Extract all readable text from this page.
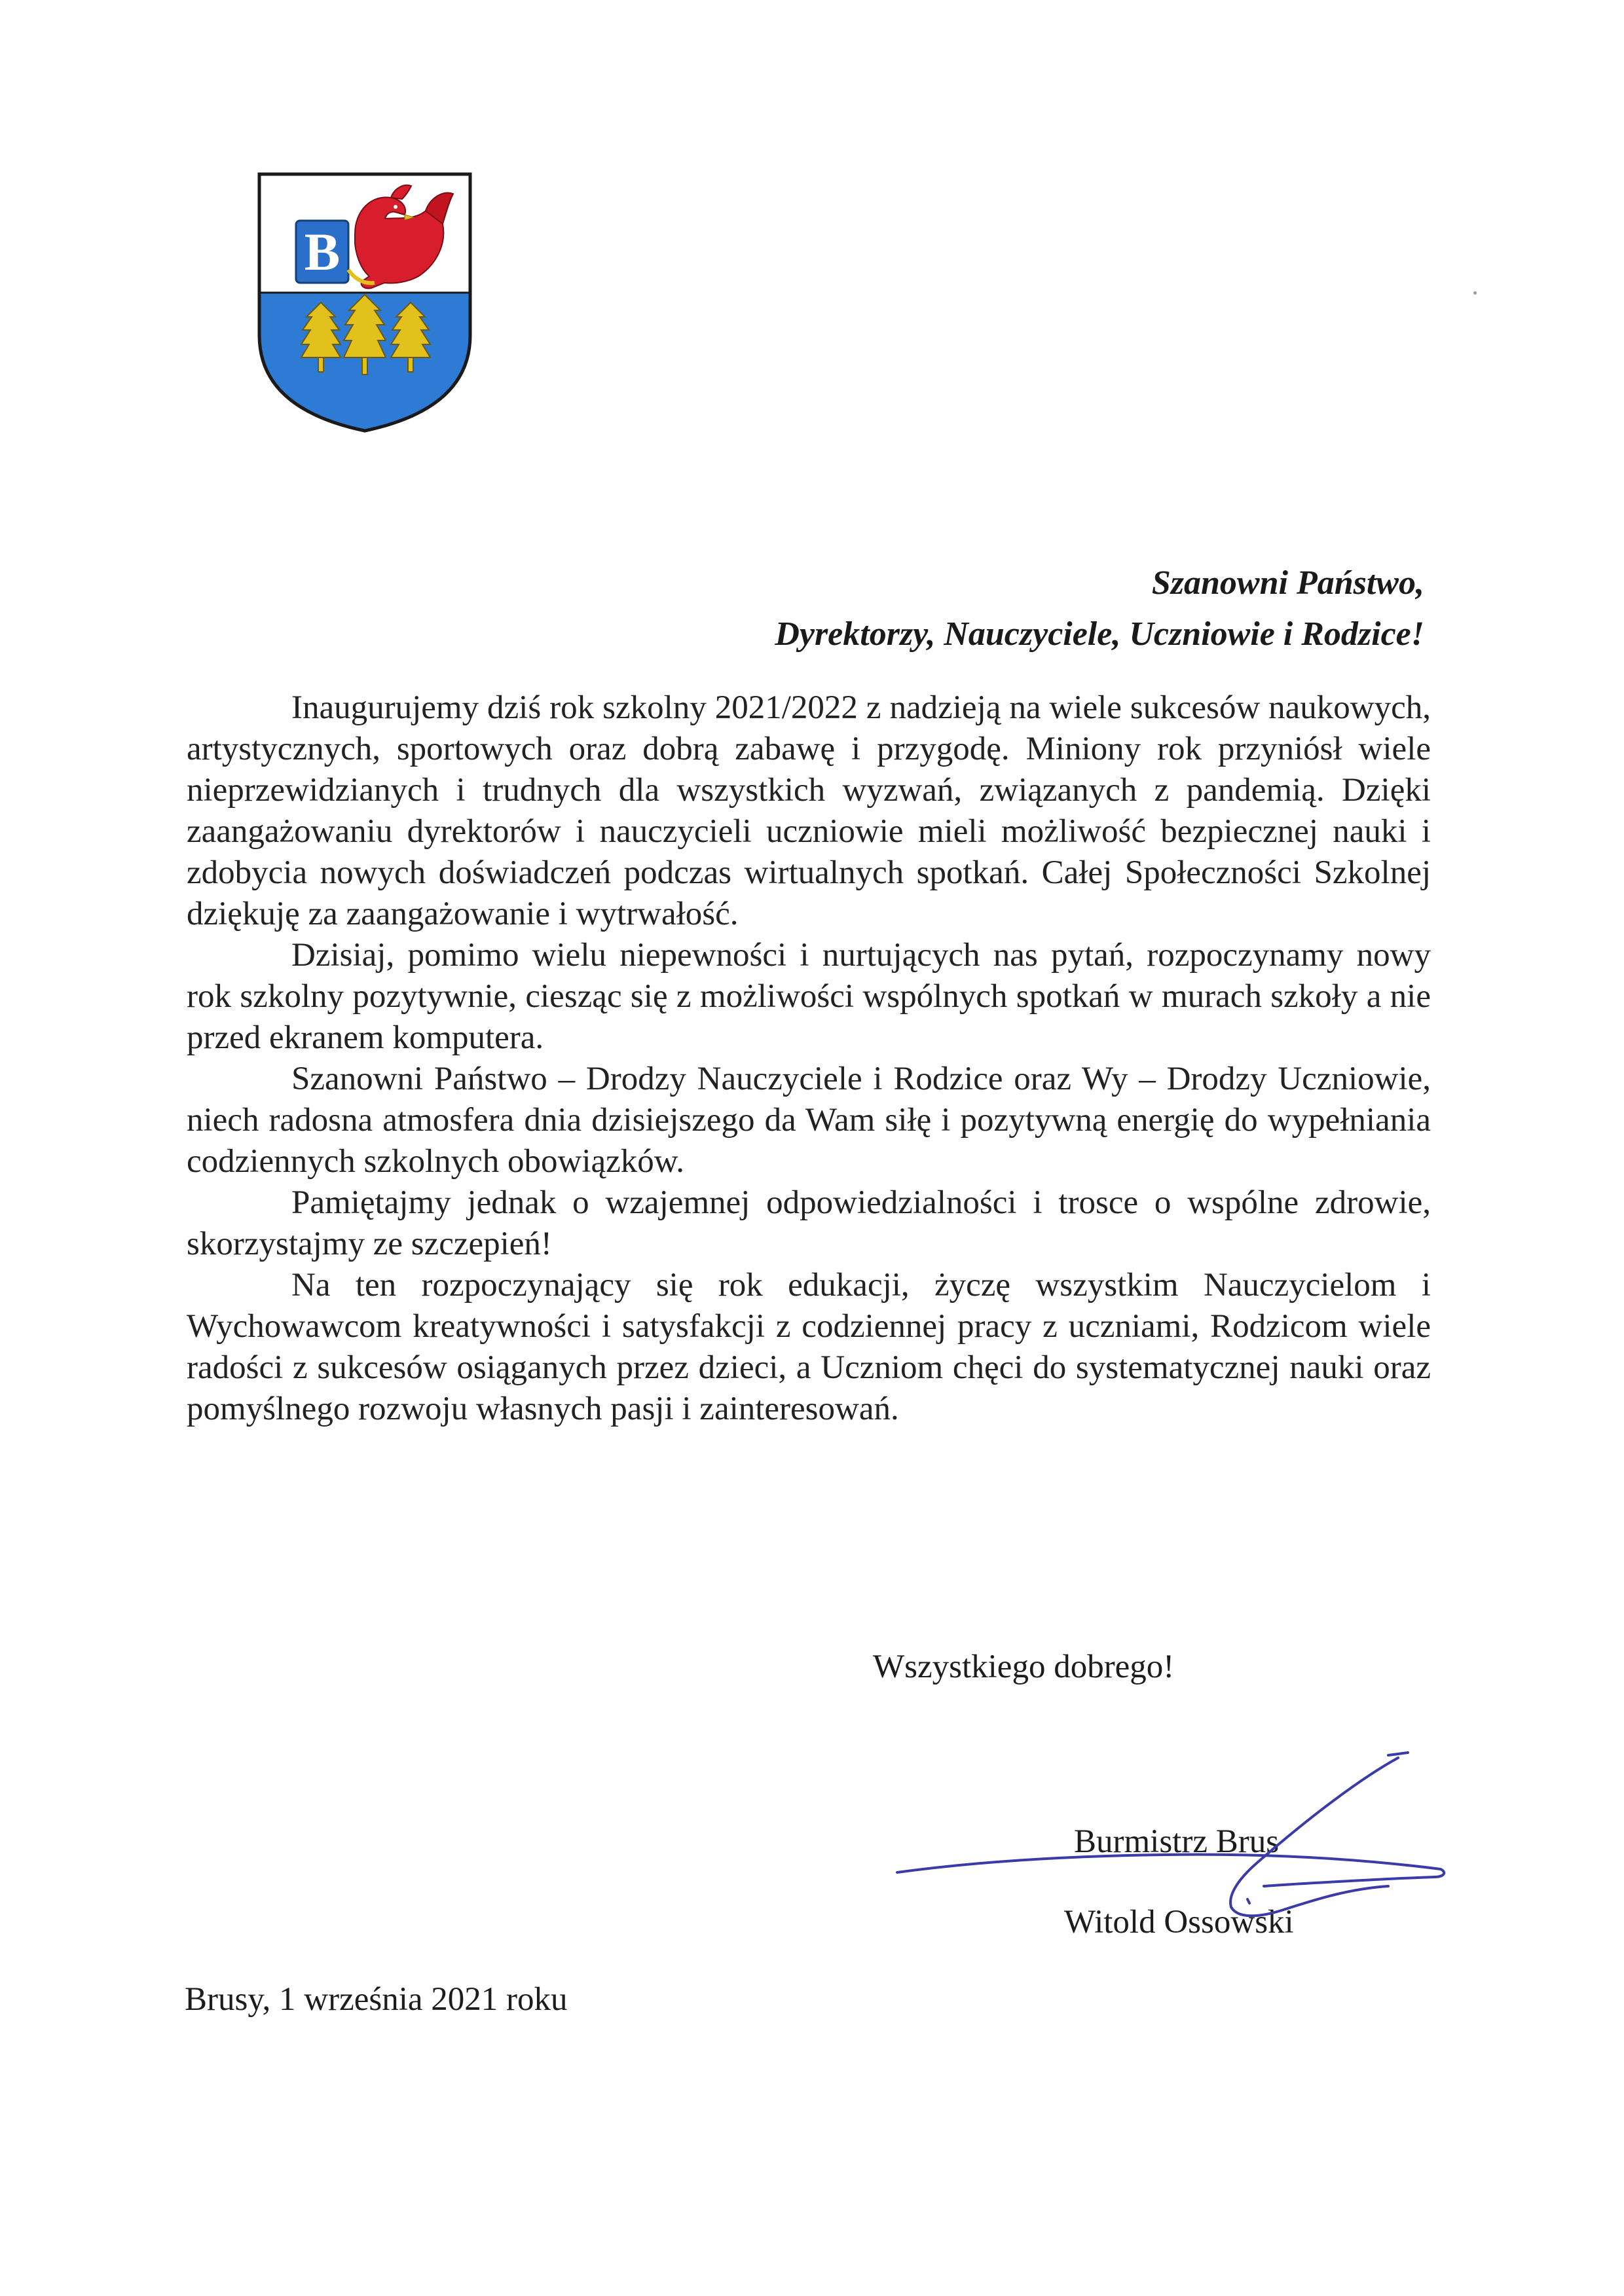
B
Szanowni Państwo,
Dyrektorzy, Nauczyciele, Uczniowie i Rodzice!

Inaugurujemy dziś rok szkolny 2021/2022 z nadzieją na wiele sukcesów naukowych, artystycznych, sportowych oraz dobrą zabawę i przygodę. Miniony rok przyniósł wiele nieprzewidzianych i trudnych dla wszystkich wyzwań, związanych z pandemią. Dzięki zaangażowaniu dyrektorów i nauczycieli uczniowie mieli możliwość bezpiecznej nauki i zdobycia nowych doświadczeń podczas wirtualnych spotkań. Całej Społeczności Szkolnej dziękuję za zaangażowanie i wytrwałość.

Dzisiaj, pomimo wielu niepewności i nurtujących nas pytań, rozpoczynamy nowy rok szkolny pozytywnie, ciesząc się z możliwości wspólnych spotkań w murach szkoły a nie przed ekranem komputera.

Szanowni Państwo – Drodzy Nauczyciele i Rodzice oraz Wy – Drodzy Uczniowie, niech radosna atmosfera dnia dzisiejszego da Wam siłę i pozytywną energię do wypełniania codziennych szkolnych obowiązków.

Pamiętajmy jednak o wzajemnej odpowiedzialności i trosce o wspólne zdrowie, skorzystajmy ze szczepień!

Na ten rozpoczynający się rok edukacji, życzę wszystkim Nauczycielom i Wychowawcom kreatywności i satysfakcji z codziennej pracy z uczniami, Rodzicom wiele radości z sukcesów osiąganych przez dzieci, a Uczniom chęci do systematycznej nauki oraz pomyślnego rozwoju własnych pasji i zainteresowań.

Wszystkiego dobrego!
Burmistrz Brus
Witold Ossowski
Brusy, 1 września 2021 roku
